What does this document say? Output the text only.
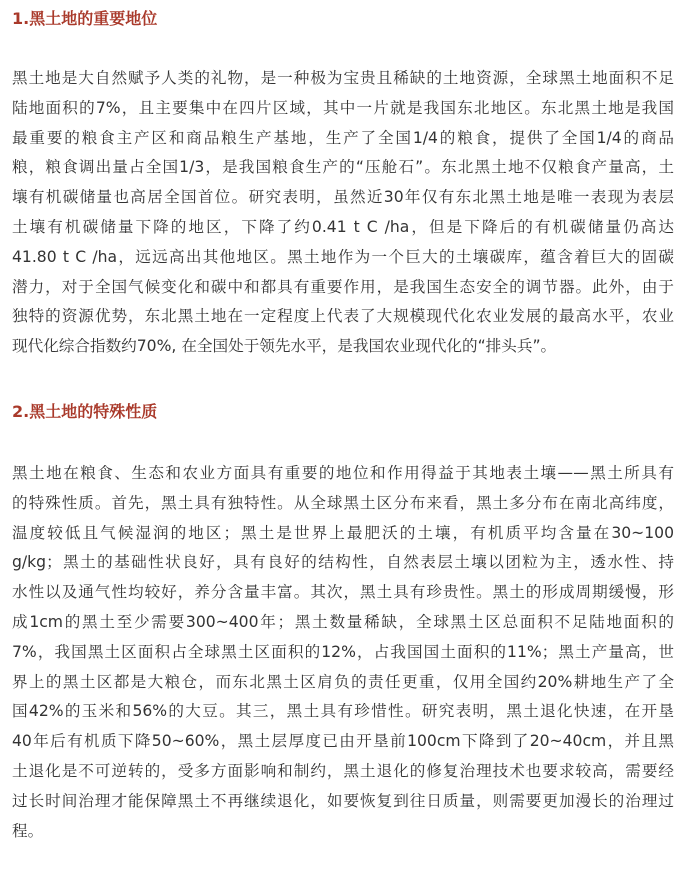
1.黑土地的重要地位
黑土地是大自然赋予人类的礼物，是一种极为宝贵且稀缺的土地资源，全球黑土地面积不足
陆地面积的7%，且主要集中在四片区域，其中一片就是我国东北地区。东北黑土地是我国
最重要的粮食主产区和商品粮生产基地，生产了全国1/4的粮食，提供了全国1/4的商品
粮，粮食调出量占全国1/3，是我国粮食生产的“压舱石”。东北黑土地不仅粮食产量高，土
壤有机碳储量也高居全国首位。研究表明，虽然近30年仅有东北黑土地是唯一表现为表层
土壤有机碳储量下降的地区，下降了约0.41 t C /ha，但是下降后的有机碳储量仍高达
41.80 t C /ha，远远高出其他地区。黑土地作为一个巨大的土壤碳库，蕴含着巨大的固碳
潜力，对于全国气候变化和碳中和都具有重要作用，是我国生态安全的调节器。此外，由于
独特的资源优势，东北黑土地在一定程度上代表了大规模现代化农业发展的最高水平，农业
现代化综合指数约70%, 在全国处于领先水平，是我国农业现代化的“排头兵”。
2.黑土地的特殊性质
黑土地在粮食、生态和农业方面具有重要的地位和作用得益于其地表土壤——黑土所具有
的特殊性质。首先，黑土具有独特性。从全球黑土区分布来看，黑土多分布在南北高纬度，
温度较低且气候湿润的地区；黑土是世界上最肥沃的土壤，有机质平均含量在30~100
g/kg；黑土的基础性状良好，具有良好的结构性，自然表层土壤以团粒为主，透水性、持
水性以及通气性均较好，养分含量丰富。其次，黑土具有珍贵性。黑土的形成周期缓慢，形
成1cm的黑土至少需要300~400年；黑土数量稀缺，全球黑土区总面积不足陆地面积的
7%，我国黑土区面积占全球黑土区面积的12%，占我国国土面积的11%；黑土产量高，世
界上的黑土区都是大粮仓，而东北黑土区肩负的责任更重，仅用全国约20%耕地生产了全
国42%的玉米和56%的大豆。其三，黑土具有珍惜性。研究表明，黑土退化快速，在开垦
40年后有机质下降50~60%，黑土层厚度已由开垦前100cm下降到了20~40cm，并且黑
土退化是不可逆转的，受多方面影响和制约，黑土退化的修复治理技术也要求较高，需要经
过长时间治理才能保障黑土不再继续退化，如要恢复到往日质量，则需要更加漫长的治理过
程。
